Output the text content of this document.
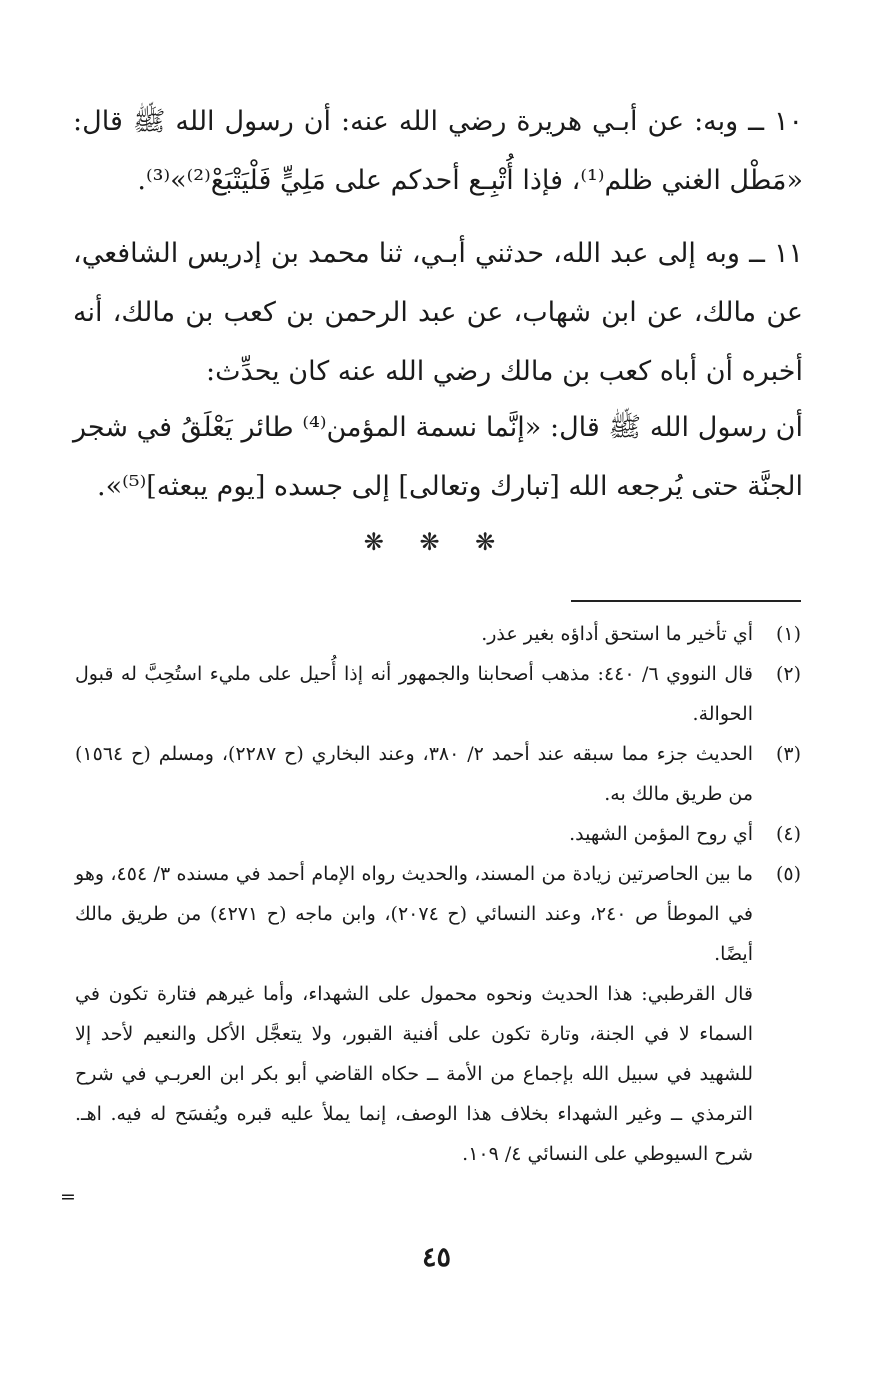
١٠ ــ وبه: عن أبـي هريرة رضي الله عنه: أن رسول الله ﷺ قال: «مَطْل الغني ظلم⁽¹⁾، فإذا أُتْبِـع أحدكم على مَلِيٍّ فَلْيَتْبَعْ⁽²⁾»⁽³⁾.

١١ ــ وبه إلى عبد الله، حدثني أبـي، ثنا محمد بن إدريس الشافعي، عن مالك، عن ابن شهاب، عن عبد الرحمن بن كعب بن مالك، أنه أخبره أن أباه كعب بن مالك رضي الله عنه كان يحدِّث:

أن رسول الله ﷺ قال: «إنَّما نسمة المؤمن⁽⁴⁾ طائر يَعْلَقُ في شجر الجنَّة حتى يُرجعه الله [تبارك وتعالى] إلى جسده [يوم يبعثه]⁽⁵⁾».

❋ ❋ ❋
(١)
أي تأخير ما استحق أداؤه بغير عذر.
(٢)
قال النووي ٦/ ٤٤٠: مذهب أصحابنا والجمهور أنه إذا أُحيل على مليء استُحِبَّ له قبول الحوالة.
(٣)
الحديث جزء مما سبقه عند أحمد ٢/ ٣٨٠، وعند البخاري (ح ٢٢٨٧)، ومسلم (ح ١٥٦٤) من طريق مالك به.
(٤)
أي روح المؤمن الشهيد.
(٥)
ما بين الحاصرتين زيادة من المسند، والحديث رواه الإمام أحمد في مسنده ٣/ ٤٥٤، وهو في الموطأ ص ٢٤٠، وعند النسائي (ح ٢٠٧٤)، وابن ماجه (ح ٤٢٧١) من طريق مالك أيضًا.

قال القرطبي: هذا الحديث ونحوه محمول على الشهداء، وأما غيرهم فتارة تكون في السماء لا في الجنة، وتارة تكون على أفنية القبور، ولا يتعجَّل الأكل والنعيم لأحد إلا للشهيد في سبيل الله بإجماع من الأمة ــ حكاه القاضي أبو بكر ابن العربـي في شرح الترمذي ــ وغير الشهداء بخلاف هذا الوصف، إنما يملأ عليه قبره ويُفسَح له فيه. اهـ. شرح السيوطي على النسائي ٤/ ١٠٩.

=
٤٥
